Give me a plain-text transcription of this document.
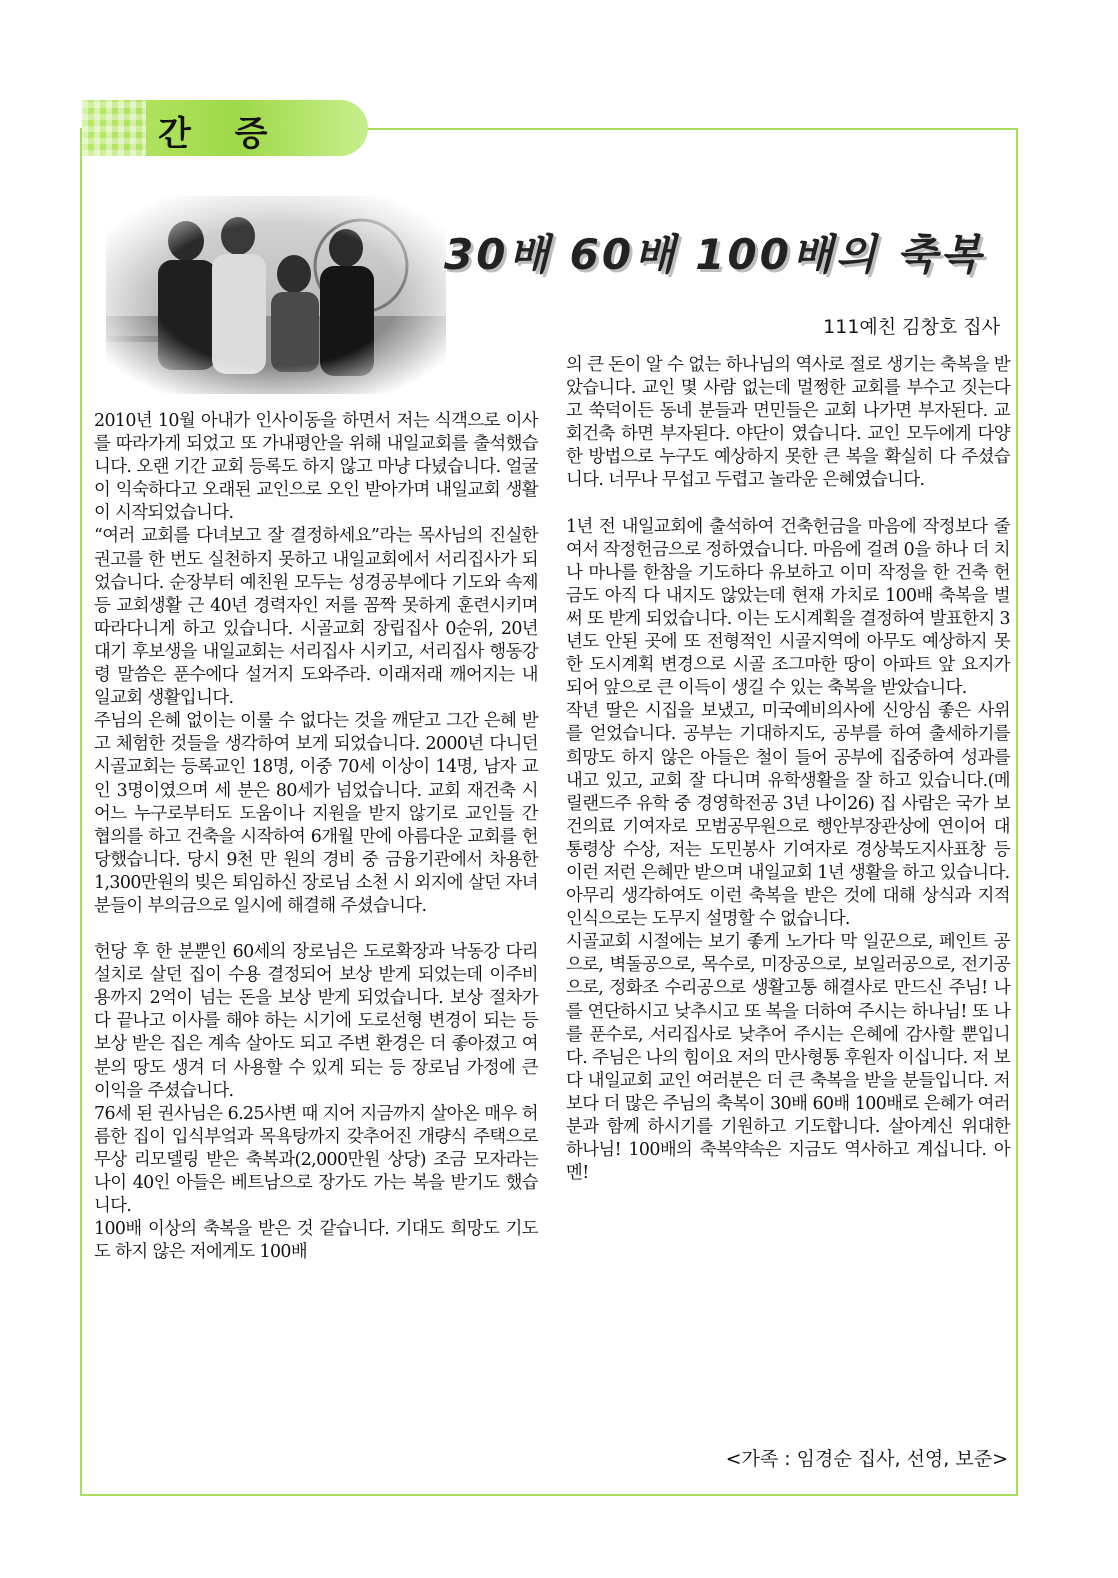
간 증
30배 60배 100배의 축복
111예친 김창호 집사

2010년 10월 아내가 인사이동을 하면서 저는 식객으로 이사를 따라가게 되었고 또 가내평안을 위해 내일교회를 출석했습니다. 오랜 기간 교회 등록도 하지 않고 마냥 다녔습니다. 얼굴이 익숙하다고 오래된 교인으로 오인 받아가며 내일교회 생활이 시작되었습니다.

“여러 교회를 다녀보고 잘 결정하세요”라는 목사님의 진실한 권고를 한 번도 실천하지 못하고 내일교회에서 서리집사가 되었습니다. 순장부터 예친원 모두는 성경공부에다 기도와 속제 등 교회생활 근 40년 경력자인 저를 꼼짝 못하게 훈련시키며 따라다니게 하고 있습니다. 시골교회 장립집사 0순위, 20년 대기 후보생을 내일교회는 서리집사 시키고, 서리집사 행동강령 말씀은 푼수에다 설거지 도와주라. 이래저래 깨어지는 내일교회 생활입니다.

주님의 은혜 없이는 이룰 수 없다는 것을 깨닫고 그간 은혜 받고 체험한 것들을 생각하여 보게 되었습니다. 2000년 다니던 시골교회는 등록교인 18명, 이중 70세 이상이 14명, 남자 교인 3명이였으며 세 분은 80세가 넘었습니다. 교회 재건축 시 어느 누구로부터도 도움이나 지원을 받지 않기로 교인들 간 협의를 하고 건축을 시작하여 6개월 만에 아름다운 교회를 헌당했습니다. 당시 9천 만 원의 경비 중 금융기관에서 차용한 1,300만원의 빚은 퇴임하신 장로님 소천 시 외지에 살던 자녀분들이 부의금으로 일시에 해결해 주셨습니다.

헌당 후 한 분뿐인 60세의 장로님은 도로확장과 낙동강 다리 설치로 살던 집이 수용 결정되어 보상 받게 되었는데 이주비용까지 2억이 넘는 돈을 보상 받게 되었습니다. 보상 절차가 다 끝나고 이사를 해야 하는 시기에 도로선형 변경이 되는 등 보상 받은 집은 계속 살아도 되고 주변 환경은 더 좋아졌고 여분의 땅도 생겨 더 사용할 수 있게 되는 등 장로님 가정에 큰 이익을 주셨습니다.

76세 된 권사님은 6.25사변 때 지어 지금까지 살아온 매우 허름한 집이 입식부엌과 목욕탕까지 갖추어진 개량식 주택으로 무상 리모델링 받은 축복과(2,000만원 상당) 조금 모자라는 나이 40인 아들은 베트남으로 장가도 가는 복을 받기도 했습니다.

100배 이상의 축복을 받은 것 같습니다. 기대도 희망도 기도도 하지 않은 저에게도 100배

의 큰 돈이 알 수 없는 하나님의 역사로 절로 생기는 축복을 받았습니다. 교인 몇 사람 없는데 멀쩡한 교회를 부수고 짓는다고 쑥덕이든 동네 분들과 면민들은 교회 나가면 부자된다. 교회건축 하면 부자된다. 야단이 였습니다. 교인 모두에게 다양한 방법으로 누구도 예상하지 못한 큰 복을 확실히 다 주셨습니다. 너무나 무섭고 두렵고 놀라운 은혜였습니다.

1년 전 내일교회에 출석하여 건축헌금을 마음에 작정보다 줄여서 작정헌금으로 정하였습니다. 마음에 걸려 0을 하나 더 치나 마나를 한참을 기도하다 유보하고 이미 작정을 한 건축 헌금도 아직 다 내지도 않았는데 현재 가치로 100배 축복을 벌써 또 받게 되었습니다. 이는 도시계획을 결정하여 발표한지 3년도 안된 곳에 또 전형적인 시골지역에 아무도 예상하지 못한 도시계획 변경으로 시골 조그마한 땅이 아파트 앞 요지가 되어 앞으로 큰 이득이 생길 수 있는 축복을 받았습니다.

작년 딸은 시집을 보냈고, 미국예비의사에 신앙심 좋은 사위를 얻었습니다. 공부는 기대하지도, 공부를 하여 출세하기를 희망도 하지 않은 아들은 철이 들어 공부에 집중하여 성과를 내고 있고, 교회 잘 다니며 유학생활을 잘 하고 있습니다.(메릴랜드주 유학 중 경영학전공 3년 나이26) 집 사람은 국가 보건의료 기여자로 모범공무원으로 행안부장관상에 연이어 대통령상 수상, 저는 도민봉사 기여자로 경상북도지사표창 등 이런 저런 은혜만 받으며 내일교회 1년 생활을 하고 있습니다.

아무리 생각하여도 이런 축복을 받은 것에 대해 상식과 지적 인식으로는 도무지 설명할 수 없습니다.

시골교회 시절에는 보기 좋게 노가다 막 일꾼으로, 페인트 공으로, 벽돌공으로, 목수로, 미장공으로, 보일러공으로, 전기공으로, 정화조 수리공으로 생활고통 해결사로 만드신 주님! 나를 연단하시고 낮추시고 또 복을 더하여 주시는 하나님! 또 나를 푼수로, 서리집사로 낮추어 주시는 은혜에 감사할 뿐입니다. 주님은 나의 힘이요 저의 만사형통 후원자 이십니다. 저 보다 내일교회 교인 여러분은 더 큰 축복을 받을 분들입니다. 저 보다 더 많은 주님의 축복이 30배 60배 100배로 은혜가 여러분과 함께 하시기를 기원하고 기도합니다. 살아계신 위대한 하나님! 100배의 축복약속은 지금도 역사하고 계십니다. 아멘!

<가족 : 임경순 집사, 선영, 보준>
